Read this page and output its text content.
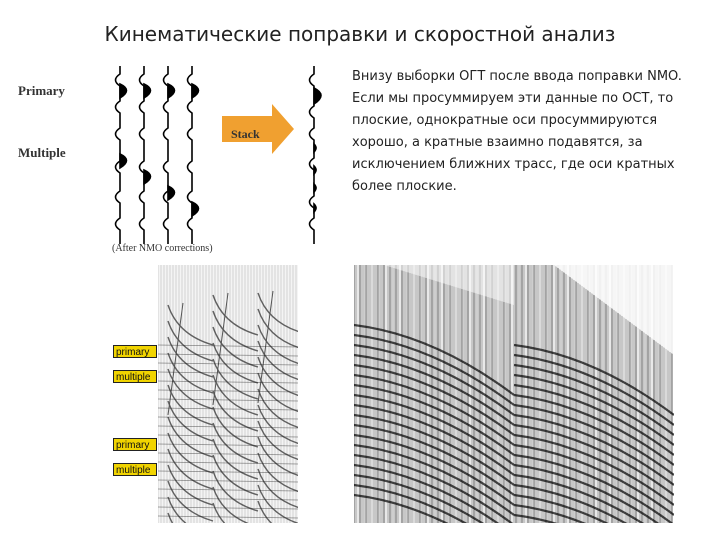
Кинематические поправки и скоростной анализ
Primary
Multiple
Stack
(After NMO corrections)
Внизу выборки ОГТ после ввода поправки NMO. Если мы просуммируем эти данные по ОСТ, то плоские, однократные оси просуммируются хорошо, а кратные взаимно подавятся, за исключением ближних трасс, где оси кратных более плоские.
primary
multiple
primary
multiple
